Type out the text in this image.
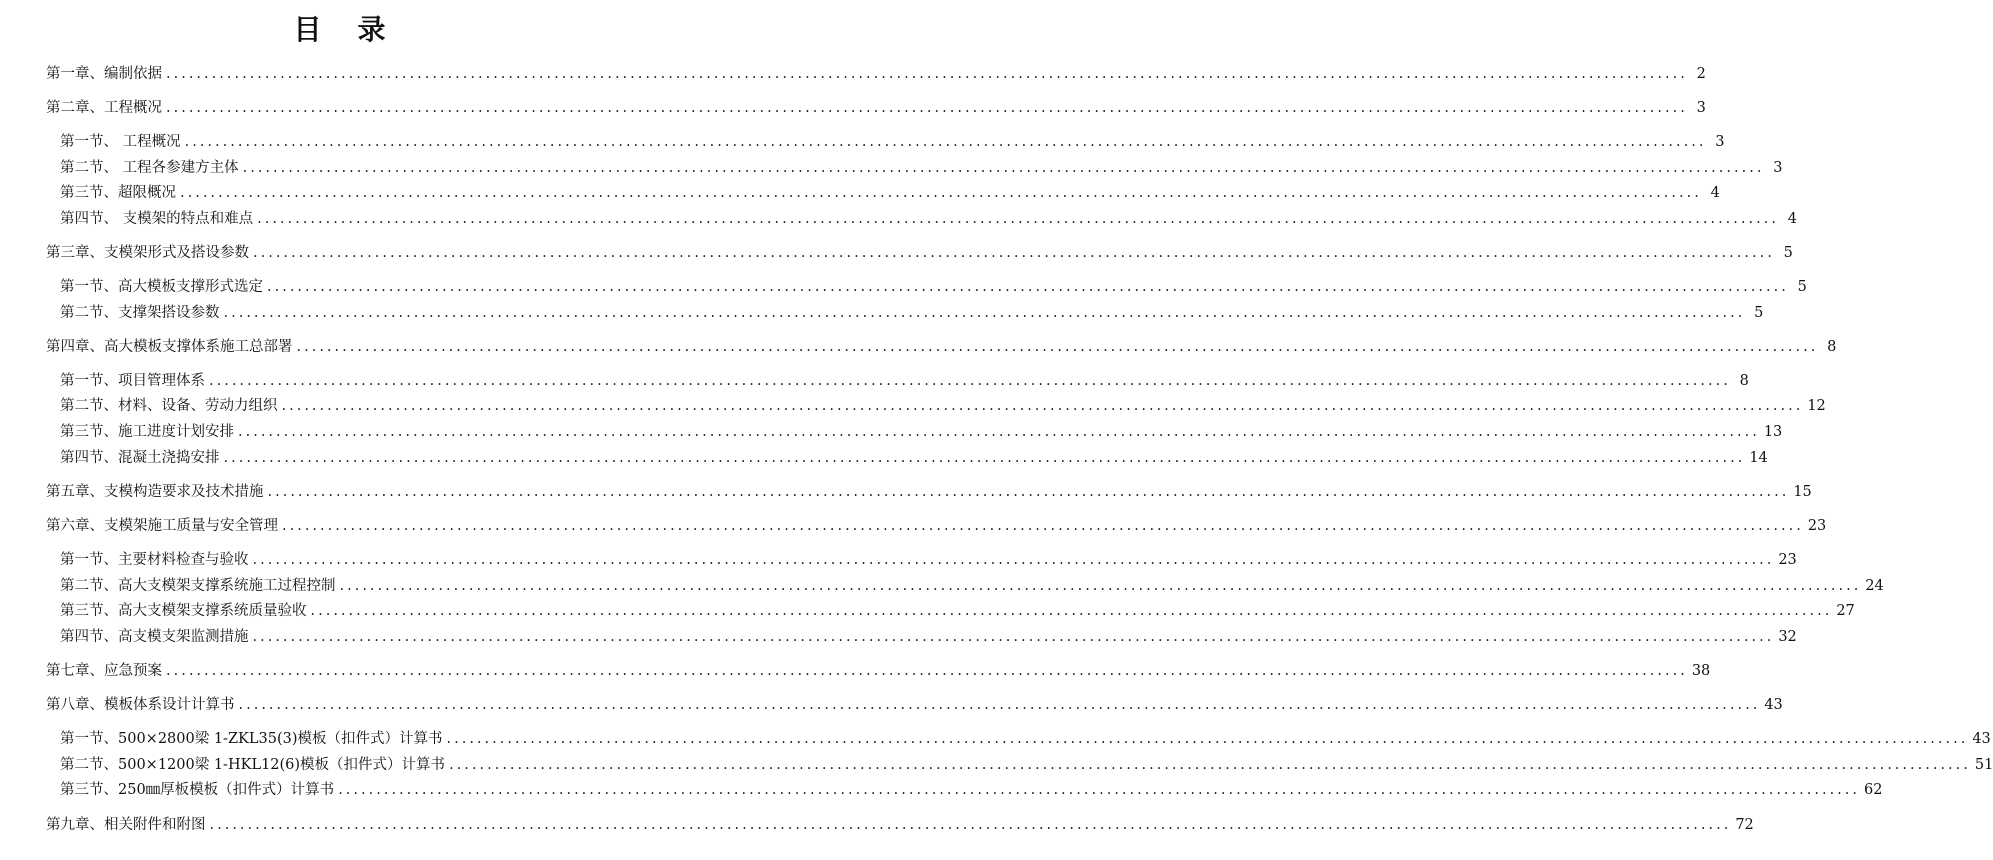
目　录
第一章、编制依据 ........................................................................................................................................................................................................ 2
第二章、工程概况 ........................................................................................................................................................................................................ 3
第一节、 工程概况 ........................................................................................................................................................................................................ 3
第二节、 工程各参建方主体 ........................................................................................................................................................................................................ 3
第三节、超限概况 ........................................................................................................................................................................................................ 4
第四节、 支模架的特点和难点 ........................................................................................................................................................................................................ 4
第三章、支模架形式及搭设参数 ........................................................................................................................................................................................................ 5
第一节、高大模板支撑形式选定 ........................................................................................................................................................................................................ 5
第二节、支撑架搭设参数 ........................................................................................................................................................................................................ 5
第四章、高大模板支撑体系施工总部署 ........................................................................................................................................................................................................ 8
第一节、项目管理体系 ........................................................................................................................................................................................................ 8
第二节、材料、设备、劳动力组织 ........................................................................................................................................................................................................ 12
第三节、施工进度计划安排 ........................................................................................................................................................................................................ 13
第四节、混凝土浇捣安排 ........................................................................................................................................................................................................ 14
第五章、支模构造要求及技术措施 ........................................................................................................................................................................................................ 15
第六章、支模架施工质量与安全管理 ........................................................................................................................................................................................................ 23
第一节、主要材料检查与验收 ........................................................................................................................................................................................................ 23
第二节、高大支模架支撑系统施工过程控制 ........................................................................................................................................................................................................ 24
第三节、高大支模架支撑系统质量验收 ........................................................................................................................................................................................................ 27
第四节、高支模支架监测措施 ........................................................................................................................................................................................................ 32
第七章、应急预案 ........................................................................................................................................................................................................ 38
第八章、模板体系设计计算书 ........................................................................................................................................................................................................ 43
第一节、500×2800梁 1-ZKL35(3)模板（扣件式）计算书 ........................................................................................................................................................................................................ 43
第二节、500×1200梁 1-HKL12(6)模板（扣件式）计算书 ........................................................................................................................................................................................................ 51
第三节、250㎜厚板模板（扣件式）计算书 ........................................................................................................................................................................................................ 62
第九章、相关附件和附图 ........................................................................................................................................................................................................ 72
